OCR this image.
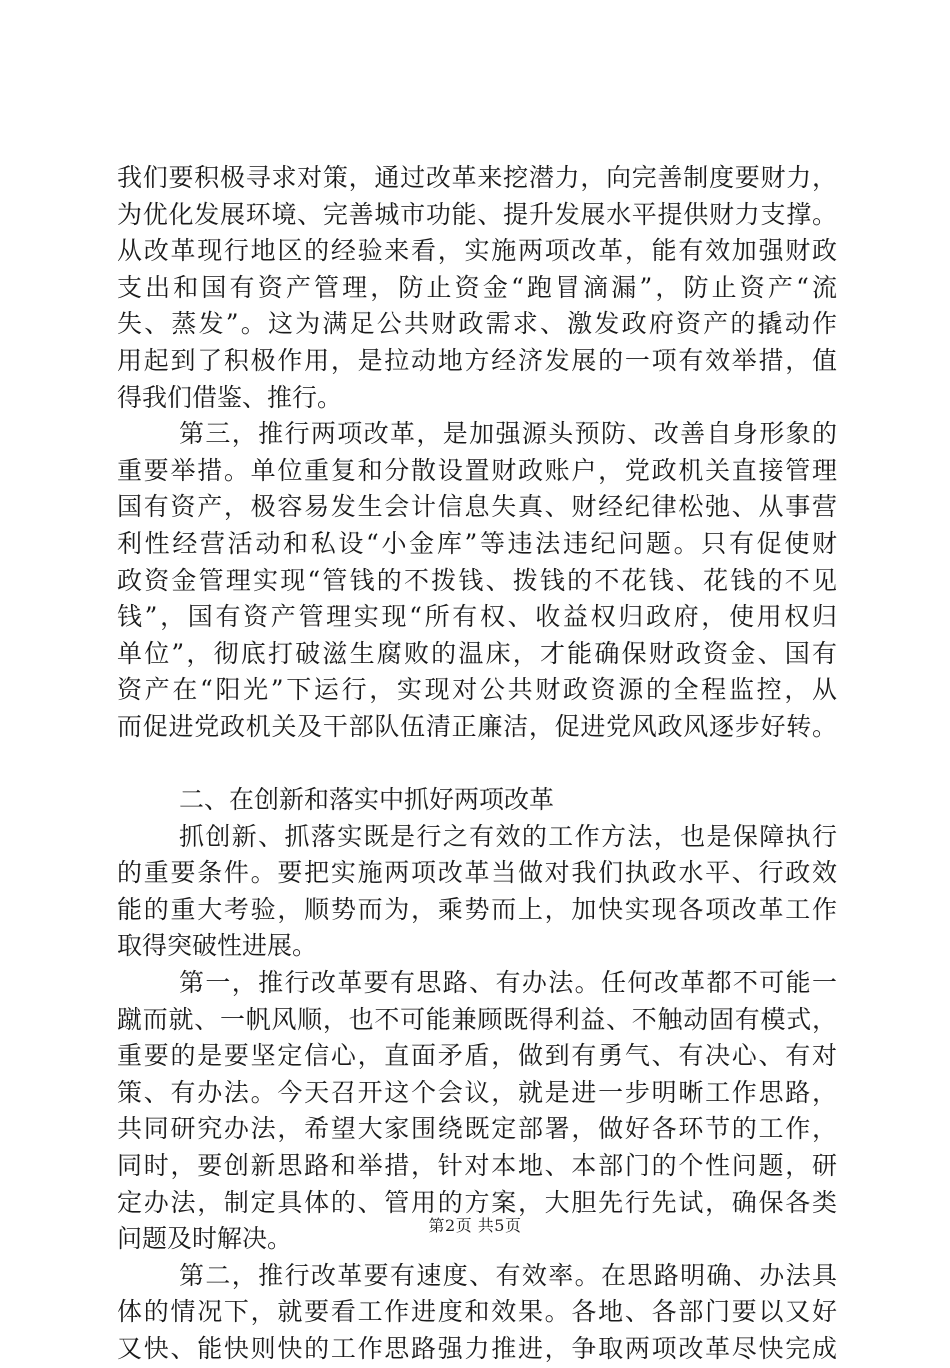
我们要积极寻求对策，通过改革来挖潜力，向完善制度要财力，
为优化发展环境、完善城市功能、提升发展水平提供财力支撑。
从改革现行地区的经验来看，实施两项改革，能有效加强财政
支出和国有资产管理，防止资金“跑冒滴漏”，防止资产“流
失、蒸发”。这为满足公共财政需求、激发政府资产的撬动作
用起到了积极作用，是拉动地方经济发展的一项有效举措，值
得我们借鉴、推行。
第三，推行两项改革，是加强源头预防、改善自身形象的
重要举措。单位重复和分散设置财政账户，党政机关直接管理
国有资产，极容易发生会计信息失真、财经纪律松弛、从事营
利性经营活动和私设“小金库”等违法违纪问题。只有促使财
政资金管理实现“管钱的不拨钱、拨钱的不花钱、花钱的不见
钱”，国有资产管理实现“所有权、收益权归政府，使用权归
单位”，彻底打破滋生腐败的温床，才能确保财政资金、国有
资产在“阳光”下运行，实现对公共财政资源的全程监控，从
而促进党政机关及干部队伍清正廉洁，促进党风政风逐步好转。
二、在创新和落实中抓好两项改革
抓创新、抓落实既是行之有效的工作方法，也是保障执行
的重要条件。要把实施两项改革当做对我们执政水平、行政效
能的重大考验，顺势而为，乘势而上，加快实现各项改革工作
取得突破性进展。
第一，推行改革要有思路、有办法。任何改革都不可能一
蹴而就、一帆风顺，也不可能兼顾既得利益、不触动固有模式，
重要的是要坚定信心，直面矛盾，做到有勇气、有决心、有对
策、有办法。今天召开这个会议，就是进一步明晰工作思路，
共同研究办法，希望大家围绕既定部署，做好各环节的工作，
同时，要创新思路和举措，针对本地、本部门的个性问题，研
定办法，制定具体的、管用的方案，大胆先行先试，确保各类
问题及时解决。
第二，推行改革要有速度、有效率。在思路明确、办法具
体的情况下，就要看工作进度和效果。各地、各部门要以又好
又快、能快则快的工作思路强力推进，争取两项改革尽快完成
第2页 共5页
